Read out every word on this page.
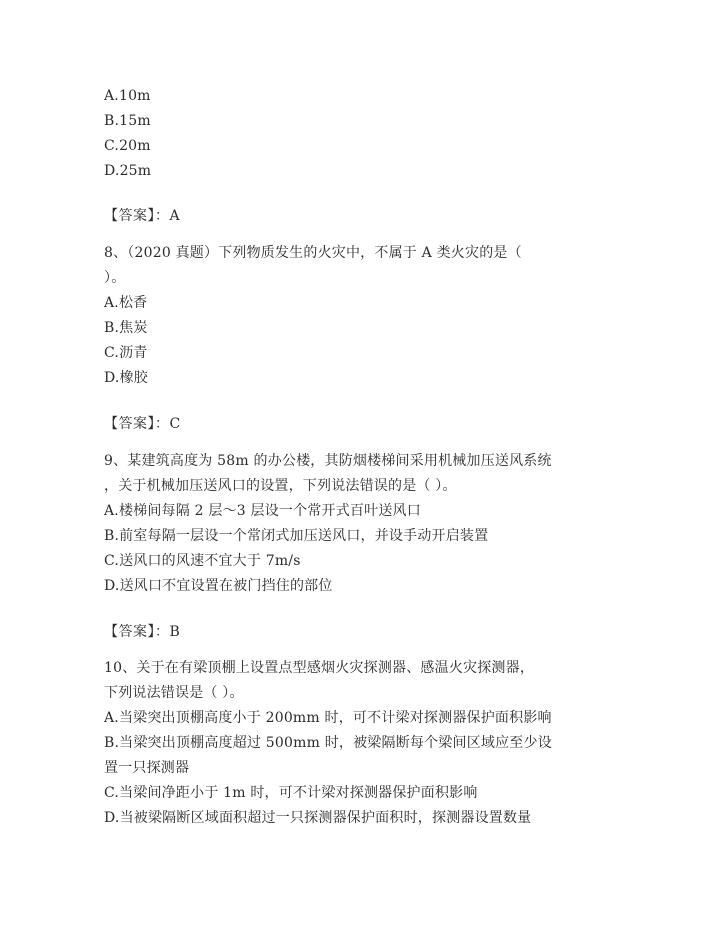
A.10m
B.15m
C.20m
D.25m
【答案】：A
8、（2020 真题）下列物质发生的火灾中，不属于 A 类火灾的是（
）。
A.松香
B.焦炭
C.沥青
D.橡胶
【答案】：C
9、某建筑高度为 58m 的办公楼，其防烟楼梯间采用机械加压送风系统
，关于机械加压送风口的设置，下列说法错误的是（ ）。
A.楼梯间每隔 2 层～3 层设一个常开式百叶送风口
B.前室每隔一层设一个常闭式加压送风口，并设手动开启装置
C.送风口的风速不宜大于 7m/s
D.送风口不宜设置在被门挡住的部位
【答案】：B
10、关于在有梁顶棚上设置点型感烟火灾探测器、感温火灾探测器，
下列说法错误是（ ）。
A.当梁突出顶棚高度小于 200mm 时，可不计梁对探测器保护面积影响
B.当梁突出顶棚高度超过 500mm 时，被梁隔断每个梁间区域应至少设
置一只探测器
C.当梁间净距小于 1m 时，可不计梁对探测器保护面积影响
D.当被梁隔断区域面积超过一只探测器保护面积时，探测器设置数量
